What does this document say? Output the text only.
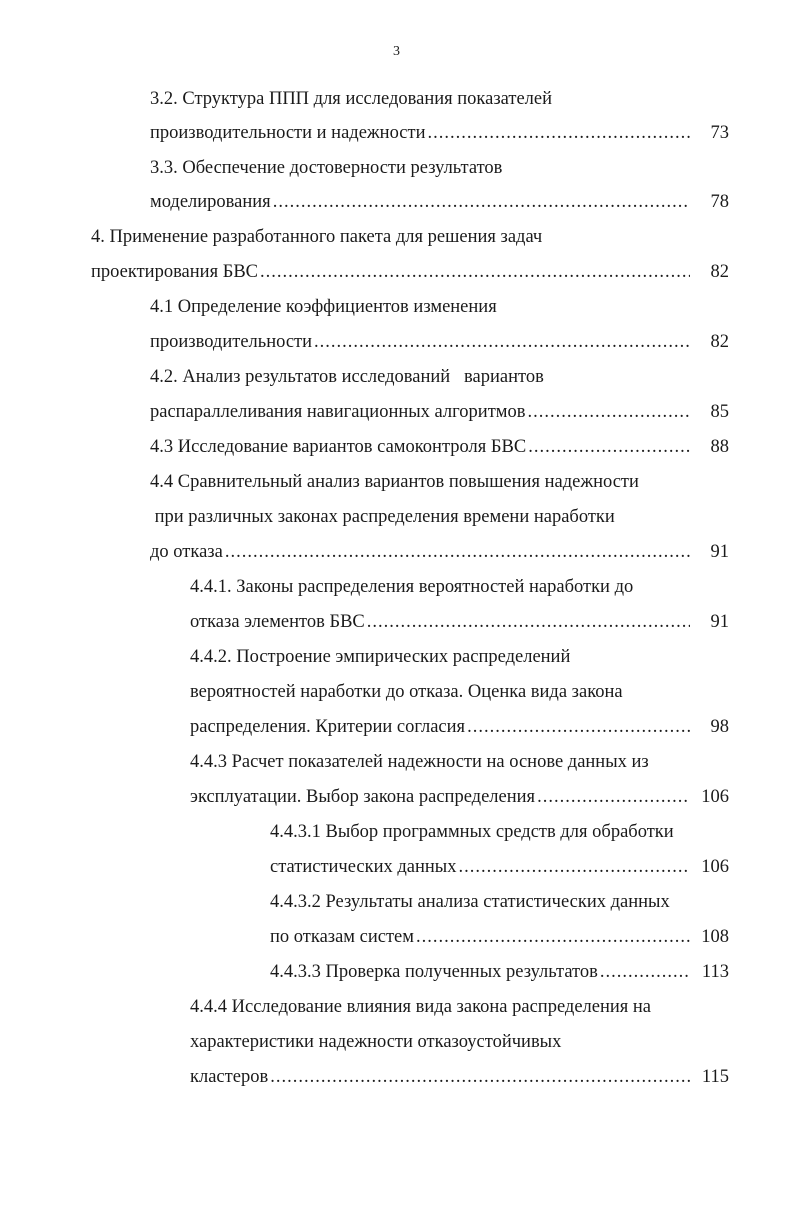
3
3.2. Структура ППП для исследования показателей
производительности и надежности .....	73
3.3. Обеспечение достоверности результатов
моделирования .....	78
4. Применение разработанного пакета для решения задач
проектирования БВС .....	82
4.1 Определение коэффициентов изменения
производительности .....	82
4.2. Анализ результатов исследований   вариантов
распараллеливания навигационных алгоритмов .....	85
4.3 Исследование вариантов самоконтроля БВС .....	88
4.4 Сравнительный анализ вариантов повышения надежности
при различных законах распределения времени наработки
до отказа .....	91
4.4.1. Законы распределения вероятностей наработки до
отказа элементов БВС .....	91
4.4.2. Построение эмпирических распределений
вероятностей наработки до отказа. Оценка вида закона
распределения. Критерии согласия .....	98
4.4.3 Расчет показателей надежности на основе данных из
эксплуатации. Выбор закона распределения .....	106
4.4.3.1 Выбор программных средств для обработки
статистических данных .....	106
4.4.3.2 Результаты анализа статистических данных
по отказам систем .....	108
4.4.3.3 Проверка полученных результатов .....	113
4.4.4 Исследование влияния вида закона распределения на
характеристики надежности отказоустойчивых
кластеров .....	115
